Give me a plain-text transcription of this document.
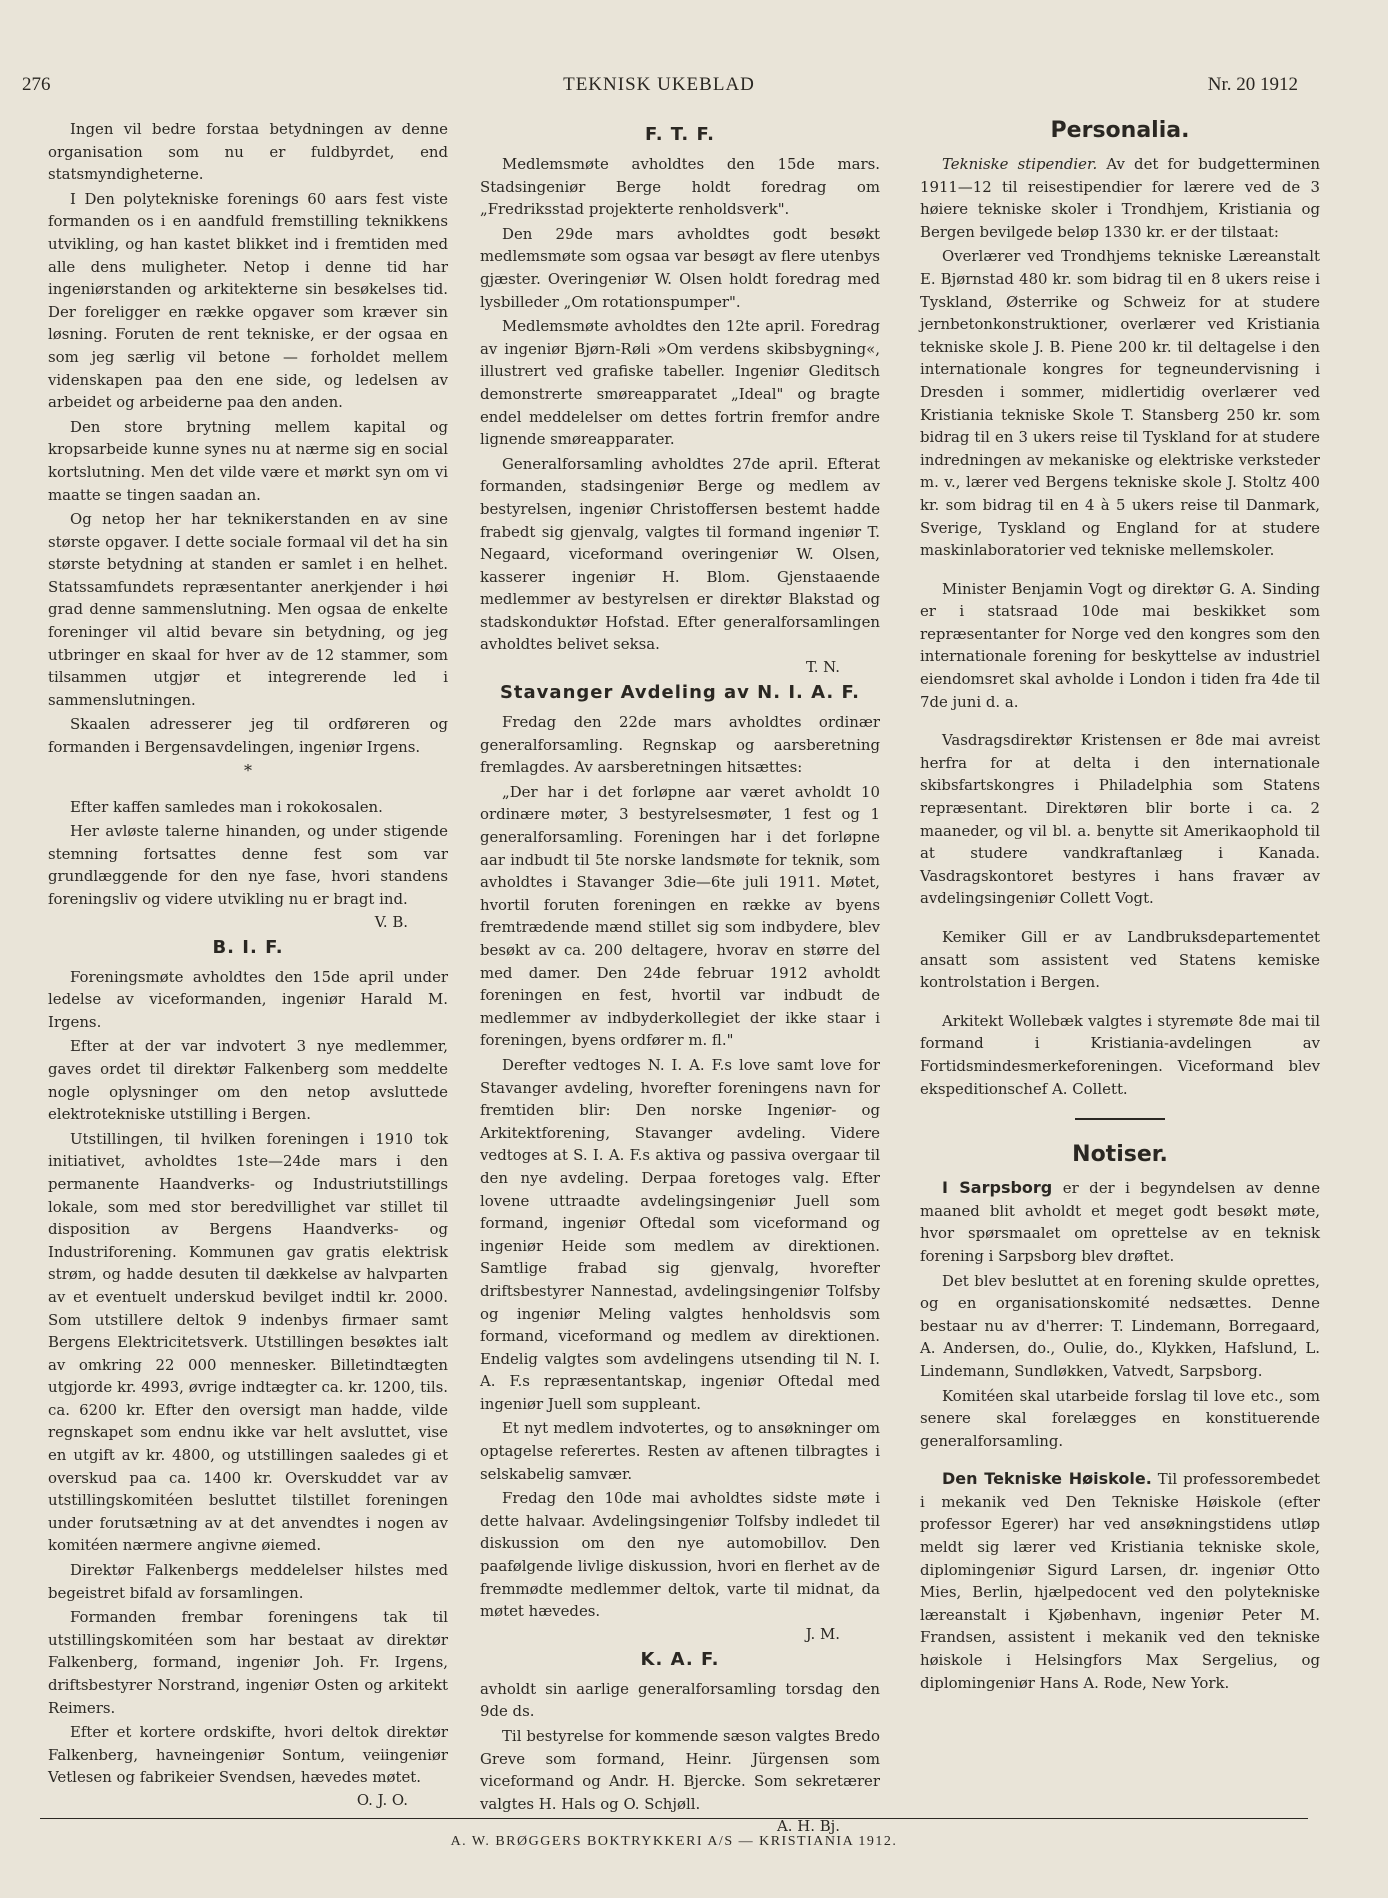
276	TEKNISK UKEBLAD	Nr. 20 1912

Ingen vil bedre forstaa betydningen av denne organisation som nu er fuldbyrdet, end statsmyndigheterne.

I Den polytekniske forenings 60 aars fest viste formanden os i en aandfuld fremstilling teknikkens utvikling, og han kastet blikket ind i fremtiden med alle dens muligheter. Netop i denne tid har ingeniørstanden og arkitekterne sin besøkelses tid. Der foreligger en række opgaver som kræver sin løsning. Foruten de rent tekniske, er der ogsaa en som jeg særlig vil betone — forholdet mellem videnskapen paa den ene side, og ledelsen av arbeidet og arbeiderne paa den anden.

Den store brytning mellem kapital og kropsarbeide kunne synes nu at nærme sig en social kortslutning. Men det vilde være et mørkt syn om vi maatte se tingen saadan an.

Og netop her har teknikerstanden en av sine største opgaver. I dette sociale formaal vil det ha sin største betydning at standen er samlet i en helhet. Statssamfundets repræsentanter anerkjender i høi grad denne sammenslutning. Men ogsaa de enkelte foreninger vil altid bevare sin betydning, og jeg utbringer en skaal for hver av de 12 stammer, som tilsammen utgjør et integrerende led i sammenslutningen.

Skaalen adresserer jeg til ordføreren og formanden i Bergensavdelingen, ingeniør Irgens.

*

Efter kaffen samledes man i rokokosalen.

Her avløste talerne hinanden, og under stigende stemning fortsattes denne fest som var grundlæggende for den nye fase, hvori standens foreningsliv og videre utvikling nu er bragt ind.

V. B.
B. I. F.

Foreningsmøte avholdtes den 15de april under ledelse av viceformanden, ingeniør Harald M. Irgens.

Efter at der var indvotert 3 nye medlemmer, gaves ordet til direktør Falkenberg som meddelte nogle oplysninger om den netop avsluttede elektrotekniske utstilling i Bergen.

Utstillingen, til hvilken foreningen i 1910 tok initiativet, avholdtes 1ste—24de mars i den permanente Haandverks- og Industriutstillings lokale, som med stor beredvillighet var stillet til disposition av Bergens Haandverks- og Industriforening. Kommunen gav gratis elektrisk strøm, og hadde desuten til dækkelse av halvparten av et eventuelt underskud bevilget indtil kr. 2000. Som utstillere deltok 9 indenbys firmaer samt Bergens Elektricitetsverk. Utstillingen besøktes ialt av omkring 22 000 mennesker. Billetindtægten utgjorde kr. 4993, øvrige indtægter ca. kr. 1200, tils. ca. 6200 kr. Efter den oversigt man hadde, vilde regnskapet som endnu ikke var helt avsluttet, vise en utgift av kr. 4800, og utstillingen saaledes gi et overskud paa ca. 1400 kr. Overskuddet var av utstillingskomitéen besluttet tilstillet foreningen under forutsætning av at det anvendtes i nogen av komitéen nærmere angivne øiemed.

Direktør Falkenbergs meddelelser hilstes med begeistret bifald av forsamlingen.

Formanden frembar foreningens tak til utstillingskomitéen som har bestaat av direktør Falkenberg, formand, ingeniør Joh. Fr. Irgens, driftsbestyrer Norstrand, ingeniør Osten og arkitekt Reimers.

Efter et kortere ordskifte, hvori deltok direktør Falkenberg, havneingeniør Sontum, veiingeniør Vetlesen og fabrikeier Svendsen, hævedes møtet.

O. J. O.
F. T. F.

Medlemsmøte avholdtes den 15de mars. Stadsingeniør Berge holdt foredrag om „Fredriksstad projekterte renholdsverk".

Den 29de mars avholdtes godt besøkt medlemsmøte som ogsaa var besøgt av flere utenbys gjæster. Overingeniør W. Olsen holdt foredrag med lysbilleder „Om rotationspumper".

Medlemsmøte avholdtes den 12te april. Foredrag av ingeniør Bjørn-Røli »Om verdens skibsbygning«, illustrert ved grafiske tabeller. Ingeniør Gleditsch demonstrerte smøreapparatet „Ideal" og bragte endel meddelelser om dettes fortrin fremfor andre lignende smøreapparater.

Generalforsamling avholdtes 27de april. Efterat formanden, stadsingeniør Berge og medlem av bestyrelsen, ingeniør Christoffersen bestemt hadde frabedt sig gjenvalg, valgtes til formand ingeniør T. Negaard, viceformand overingeniør W. Olsen, kasserer ingeniør H. Blom. Gjenstaaende medlemmer av bestyrelsen er direktør Blakstad og stadskonduktør Hofstad. Efter generalforsamlingen avholdtes belivet seksa.

T. N.
Stavanger Avdeling av N. I. A. F.

Fredag den 22de mars avholdtes ordinær generalforsamling. Regnskap og aarsberetning fremlagdes. Av aarsberetningen hitsættes:

„Der har i det forløpne aar været avholdt 10 ordinære møter, 3 bestyrelsesmøter, 1 fest og 1 generalforsamling. Foreningen har i det forløpne aar indbudt til 5te norske landsmøte for teknik, som avholdtes i Stavanger 3die—6te juli 1911. Møtet, hvortil foruten foreningen en række av byens fremtrædende mænd stillet sig som indbydere, blev besøkt av ca. 200 deltagere, hvorav en større del med damer. Den 24de februar 1912 avholdt foreningen en fest, hvortil var indbudt de medlemmer av indbyderkollegiet der ikke staar i foreningen, byens ordfører m. fl."

Derefter vedtoges N. I. A. F.s love samt love for Stavanger avdeling, hvorefter foreningens navn for fremtiden blir: Den norske Ingeniør- og Arkitektforening, Stavanger avdeling. Videre vedtoges at S. I. A. F.s aktiva og passiva overgaar til den nye avdeling. Derpaa foretoges valg. Efter lovene uttraadte avdelingsingeniør Juell som formand, ingeniør Oftedal som viceformand og ingeniør Heide som medlem av direktionen. Samtlige frabad sig gjenvalg, hvorefter driftsbestyrer Nannestad, avdelingsingeniør Tolfsby og ingeniør Meling valgtes henholdsvis som formand, viceformand og medlem av direktionen. Endelig valgtes som avdelingens utsending til N. I. A. F.s repræsentantskap, ingeniør Oftedal med ingeniør Juell som suppleant.

Et nyt medlem indvotertes, og to ansøkninger om optagelse referertes. Resten av aftenen tilbragtes i selskabelig samvær.

Fredag den 10de mai avholdtes sidste møte i dette halvaar. Avdelingsingeniør Tolfsby indledet til diskussion om den nye automobillov. Den paafølgende livlige diskussion, hvori en flerhet av de fremmødte medlemmer deltok, varte til midnat, da møtet hævedes.

J. M.
K. A. F.

avholdt sin aarlige generalforsamling torsdag den 9de ds.

Til bestyrelse for kommende sæson valgtes Bredo Greve som formand, Heinr. Jürgensen som viceformand og Andr. H. Bjercke. Som sekretærer valgtes H. Hals og O. Schjøll.

A. H. Bj.
Personalia.

Tekniske stipendier. Av det for budgetterminen 1911—12 til reisestipendier for lærere ved de 3 høiere tekniske skoler i Trondhjem, Kristiania og Bergen bevilgede beløp 1330 kr. er der tilstaat:

Overlærer ved Trondhjems tekniske Læreanstalt E. Bjørnstad 480 kr. som bidrag til en 8 ukers reise i Tyskland, Østerrike og Schweiz for at studere jernbetonkonstruktioner, overlærer ved Kristiania tekniske skole J. B. Piene 200 kr. til deltagelse i den internationale kongres for tegneundervisning i Dresden i sommer, midlertidig overlærer ved Kristiania tekniske Skole T. Stansberg 250 kr. som bidrag til en 3 ukers reise til Tyskland for at studere indredningen av mekaniske og elektriske verksteder m. v., lærer ved Bergens tekniske skole J. Stoltz 400 kr. som bidrag til en 4 à 5 ukers reise til Danmark, Sverige, Tyskland og England for at studere maskinlaboratorier ved tekniske mellemskoler.

Minister Benjamin Vogt og direktør G. A. Sinding er i statsraad 10de mai beskikket som repræsentanter for Norge ved den kongres som den internationale forening for beskyttelse av industriel eiendomsret skal avholde i London i tiden fra 4de til 7de juni d. a.

Vasdragsdirektør Kristensen er 8de mai avreist herfra for at delta i den internationale skibsfartskongres i Philadelphia som Statens repræsentant. Direktøren blir borte i ca. 2 maaneder, og vil bl. a. benytte sit Amerikaophold til at studere vandkraftanlæg i Kanada. Vasdragskontoret bestyres i hans fravær av avdelingsingeniør Collett Vogt.

Kemiker Gill er av Landbruksdepartementet ansatt som assistent ved Statens kemiske kontrolstation i Bergen.

Arkitekt Wollebæk valgtes i styremøte 8de mai til formand i Kristiania-avdelingen av Fortidsmindesmerkeforeningen. Viceformand blev ekspeditionschef A. Collett.

Notiser.

I Sarpsborg er der i begyndelsen av denne maaned blit avholdt et meget godt besøkt møte, hvor spørsmaalet om oprettelse av en teknisk forening i Sarpsborg blev drøftet.

Det blev besluttet at en forening skulde oprettes, og en organisationskomité nedsættes. Denne bestaar nu av d'herrer: T. Lindemann, Borregaard, A. Andersen, do., Oulie, do., Klykken, Hafslund, L. Lindemann, Sundløkken, Vatvedt, Sarpsborg.

Komitéen skal utarbeide forslag til love etc., som senere skal forelægges en konstituerende generalforsamling.

Den Tekniske Høiskole. Til professorembedet i mekanik ved Den Tekniske Høiskole (efter professor Egerer) har ved ansøkningstidens utløp meldt sig lærer ved Kristiania tekniske skole, diplomingeniør Sigurd Larsen, dr. ingeniør Otto Mies, Berlin, hjælpedocent ved den polytekniske læreanstalt i Kjøbenhavn, ingeniør Peter M. Frandsen, assistent i mekanik ved den tekniske høiskole i Helsingfors Max Sergelius, og diplomingeniør Hans A. Rode, New York.

A. W. BRØGGERS BOKTRYKKERI A/S — KRISTIANIA 1912.
